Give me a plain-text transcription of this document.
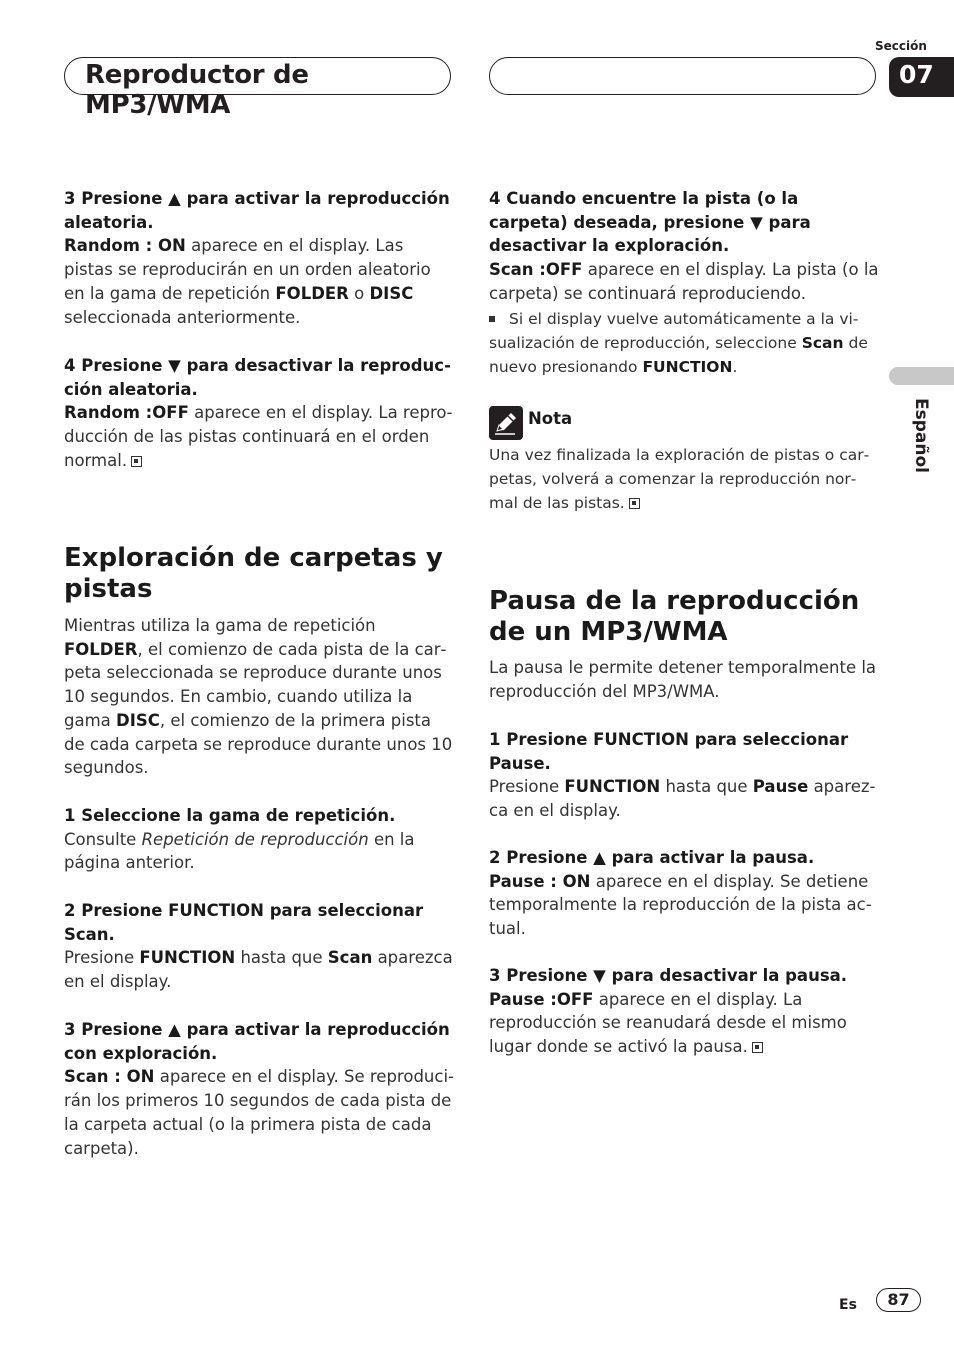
Reproductor de MP3/WMA
Sección
07
Español

3 Presione ▲ para activar la reproducción aleatoria.

Random : ON aparece en el display. Las pistas se reproducirán en un orden aleatorio en la gama de repetición FOLDER o DISC seleccionada anteriormente.

4 Presione ▼ para desactivar la reproducción aleatoria.

Random :OFF aparece en el display. La reproducción de las pistas continuará en el orden normal.

Exploración de carpetas y pistas

Mientras utiliza la gama de repetición FOLDER, el comienzo de cada pista de la carpeta seleccionada se reproduce durante unos 10 segundos. En cambio, cuando utiliza la gama DISC, el comienzo de la primera pista de cada carpeta se reproduce durante unos 10 segundos.

1 Seleccione la gama de repetición.

Consulte Repetición de reproducción en la página anterior.

2 Presione FUNCTION para seleccionar Scan.

Presione FUNCTION hasta que Scan aparezca en el display.

3 Presione ▲ para activar la reproducción con exploración.

Scan : ON aparece en el display. Se reproducirán los primeros 10 segundos de cada pista de la carpeta actual (o la primera pista de cada carpeta).

4 Cuando encuentre la pista (o la carpeta) deseada, presione ▼ para desactivar la exploración.

Scan :OFF aparece en el display. La pista (o la carpeta) se continuará reproduciendo.

Si el display vuelve automáticamente a la visualización de reproducción, seleccione Scan de nuevo presionando FUNCTION.

Nota

Una vez finalizada la exploración de pistas o carpetas, volverá a comenzar la reproducción normal de las pistas.

Pausa de la reproducción de un MP3/WMA

La pausa le permite detener temporalmente la reproducción del MP3/WMA.

1 Presione FUNCTION para seleccionar Pause.

Presione FUNCTION hasta que Pause aparezca en el display.

2 Presione ▲ para activar la pausa.

Pause : ON aparece en el display. Se detiene temporalmente la reproducción de la pista actual.

3 Presione ▼ para desactivar la pausa.

Pause :OFF aparece en el display. La reproducción se reanudará desde el mismo lugar donde se activó la pausa.

Es	87
